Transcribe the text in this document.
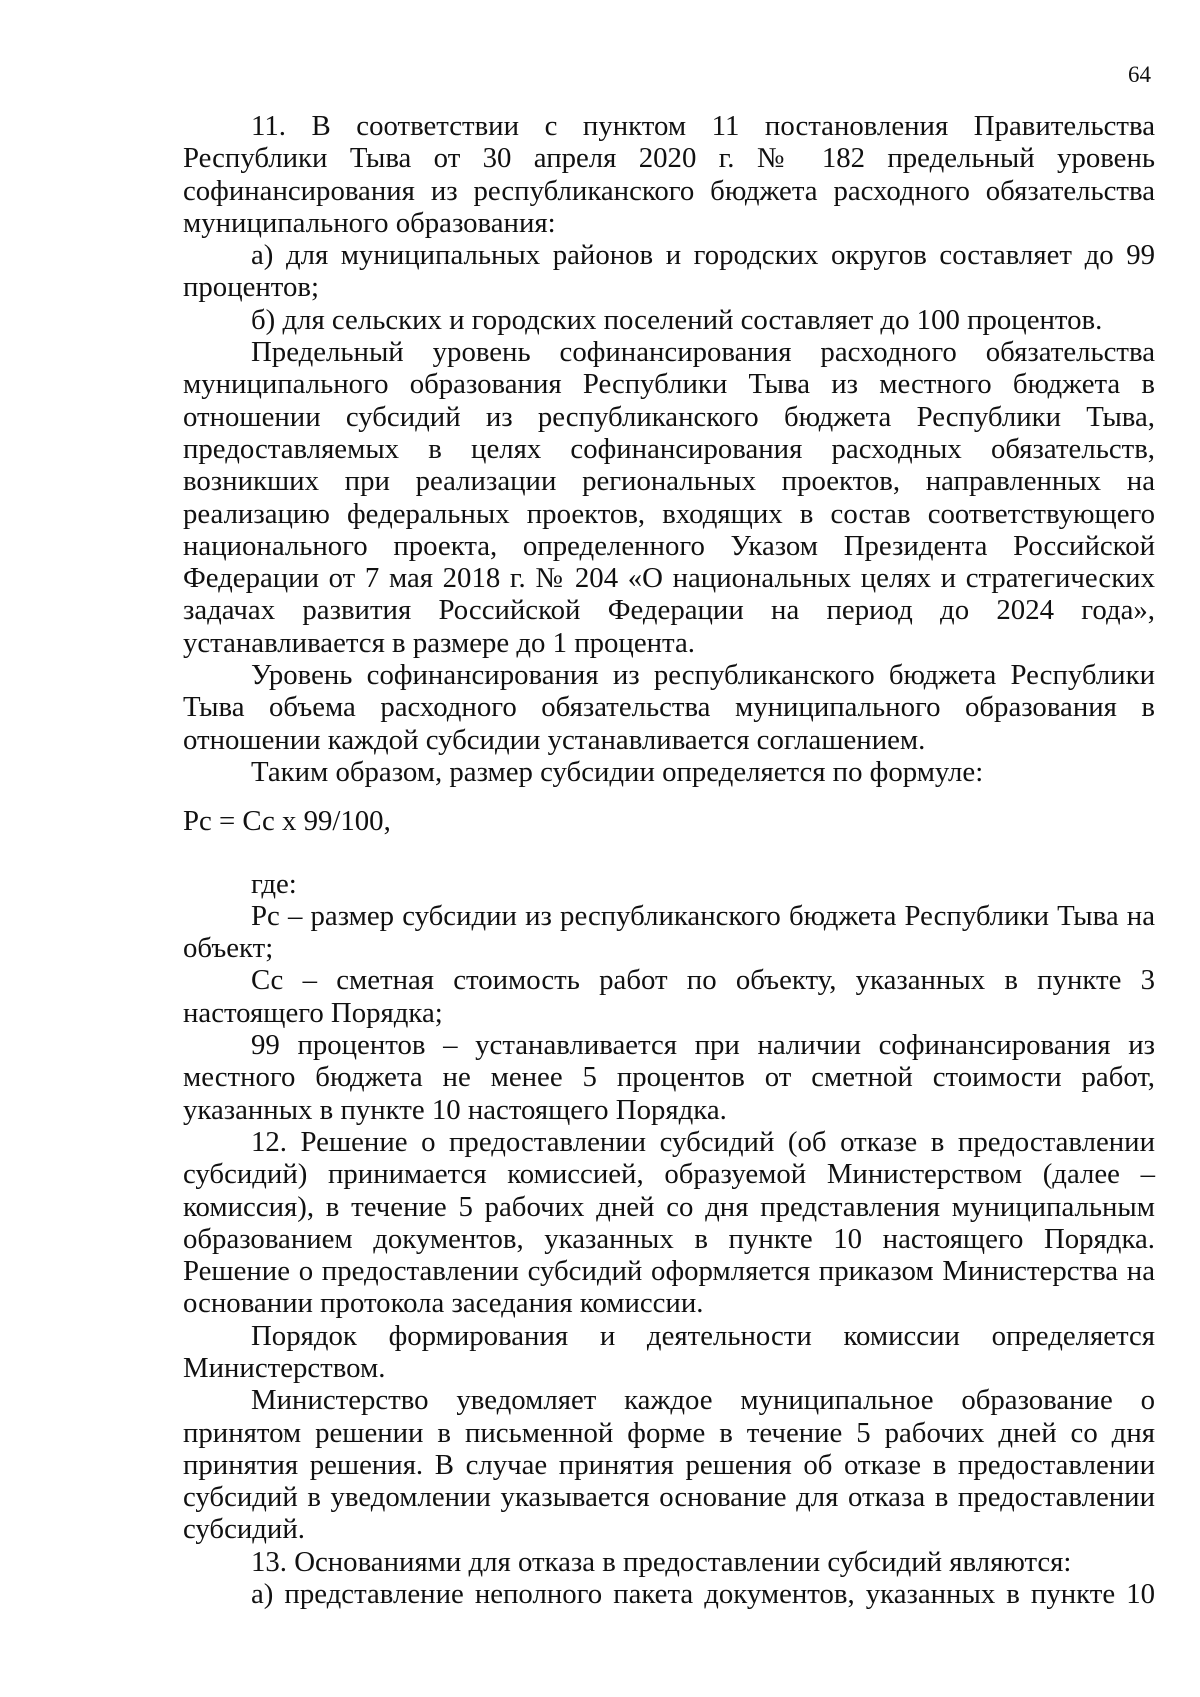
64

11. В соответствии с пунктом 11 постановления Правительства Республики Тыва от 30 апреля 2020 г. № 182 предельный уровень софинансирования из республиканского бюджета расходного обязательства муниципального образования:

а) для муниципальных районов и городских округов составляет до 99 процентов;

б) для сельских и городских поселений составляет до 100 процентов.

Предельный уровень софинансирования расходного обязательства муниципального образования Республики Тыва из местного бюджета в отношении субсидий из республиканского бюджета Республики Тыва, предоставляемых в целях софинансирования расходных обязательств, возникших при реализации региональных проектов, направленных на реализацию федеральных проектов, входящих в состав соответствующего национального проекта, определенного Указом Президента Российской Федерации от 7 мая 2018 г. № 204 «О национальных целях и стратегических задачах развития Российской Федерации на период до 2024 года», устанавливается в размере до 1 процента.

Уровень софинансирования из республиканского бюджета Республики Тыва объема расходного обязательства муниципального образования в отношении каждой субсидии устанавливается соглашением.

Таким образом, размер субсидии определяется по формуле:

Рс = Сс х 99/100,

где:

Рс – размер субсидии из республиканского бюджета Республики Тыва на объект;

Сс – сметная стоимость работ по объекту, указанных в пункте 3 настоящего Порядка;

99 процентов – устанавливается при наличии софинансирования из местного бюджета не менее 5 процентов от сметной стоимости работ, указанных в пункте 10 настоящего Порядка.

12. Решение о предоставлении субсидий (об отказе в предоставлении субсидий) принимается комиссией, образуемой Министерством (далее – комиссия), в течение 5 рабочих дней со дня представления муниципальным образованием документов, указанных в пункте 10 настоящего Порядка. Решение о предоставлении субсидий оформляется приказом Министерства на основании протокола заседания комиссии.

Порядок формирования и деятельности комиссии определяется Министерством.

Министерство уведомляет каждое муниципальное образование о принятом решении в письменной форме в течение 5 рабочих дней со дня принятия решения. В случае принятия решения об отказе в предоставлении субсидий в уведомлении указывается основание для отказа в предоставлении субсидий.

13. Основаниями для отказа в предоставлении субсидий являются:

а) представление неполного пакета документов, указанных в пункте 10
